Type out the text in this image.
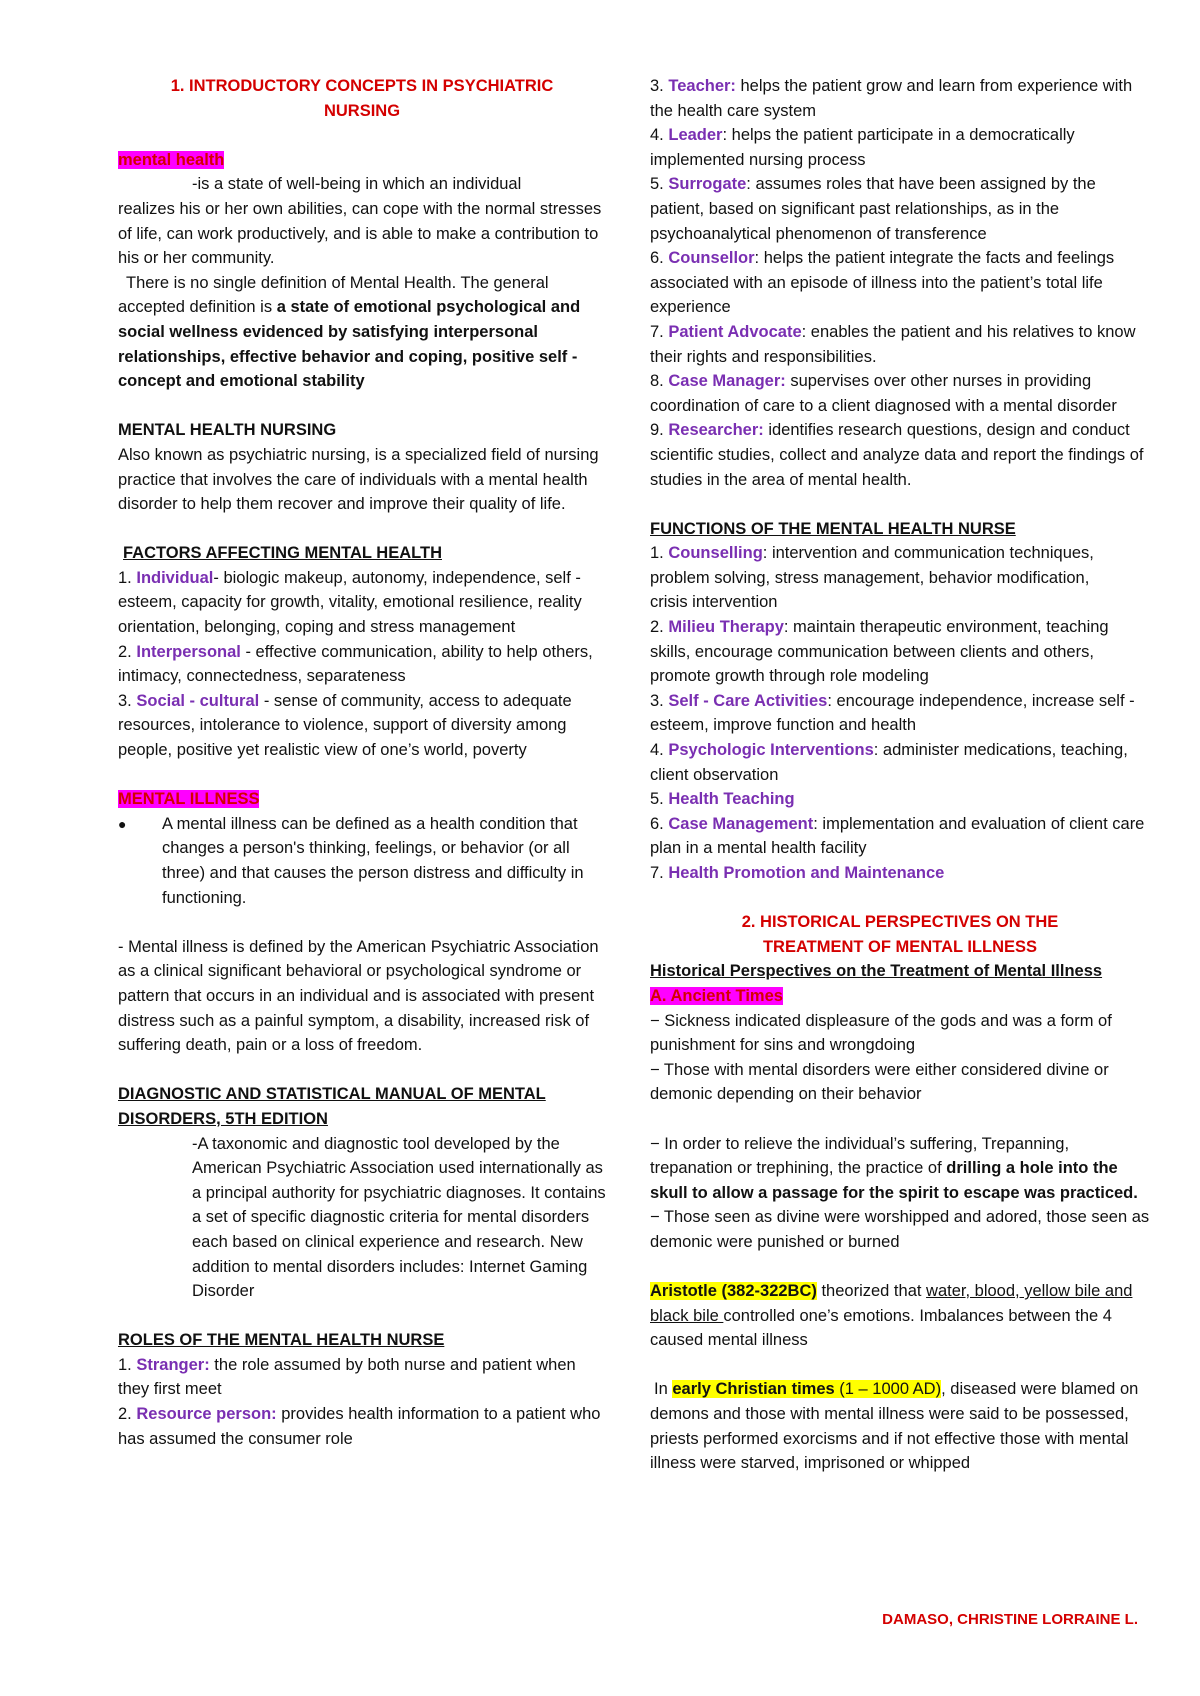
1. INTRODUCTORY CONCEPTS IN PSYCHIATRIC
NURSING

mental health

-is a state of well-being in which an individual

realizes his or her own abilities, can cope with the normal stresses of life, can work productively, and is able to make a contribution to his or her community.

There is no single definition of Mental Health. The general accepted definition is a state of emotional psychological and social wellness evidenced by satisfying interpersonal relationships, effective behavior and coping, positive self - concept and emotional stability

MENTAL HEALTH NURSING

Also known as psychiatric nursing, is a specialized field of nursing practice that involves the care of individuals with a mental health disorder to help them recover and improve their quality of life.

FACTORS AFFECTING MENTAL HEALTH

1. Individual- biologic makeup, autonomy, independence, self - esteem, capacity for growth, vitality, emotional resilience, reality orientation, belonging, coping and stress management

2. Interpersonal - effective communication, ability to help others, intimacy, connectedness, separateness

3. Social - cultural - sense of community, access to adequate resources, intolerance to violence, support of diversity among people, positive yet realistic view of one’s world, poverty

MENTAL ILLNESS

●	A mental illness can be defined as a health condition that changes a person's thinking, feelings, or behavior (or all three) and that causes the person distress and difficulty in functioning.

- Mental illness is defined by the American Psychiatric Association as a clinical significant behavioral or psychological syndrome or pattern that occurs in an individual and is associated with present distress such as a painful symptom, a disability, increased risk of suffering death, pain or a loss of freedom.

DIAGNOSTIC AND STATISTICAL MANUAL OF MENTAL
DISORDERS, 5TH EDITION

-A taxonomic and diagnostic tool developed by the American Psychiatric Association used internationally as a principal authority for psychiatric diagnoses. It contains a set of specific diagnostic criteria for mental disorders each based on clinical experience and research. New addition to mental disorders includes: Internet Gaming Disorder

ROLES OF THE MENTAL HEALTH NURSE

1. Stranger: the role assumed by both nurse and patient when they first meet

2. Resource person: provides health information to a patient who has assumed the consumer role

3. Teacher: helps the patient grow and learn from experience with the health care system

4. Leader: helps the patient participate in a democratically implemented nursing process

5. Surrogate: assumes roles that have been assigned by the patient, based on significant past relationships, as in the psychoanalytical phenomenon of transference

6. Counsellor: helps the patient integrate the facts and feelings associated with an episode of illness into the patient’s total life experience

7. Patient Advocate: enables the patient and his relatives to know their rights and responsibilities.

8. Case Manager: supervises over other nurses in providing coordination of care to a client diagnosed with a mental disorder

9. Researcher: identifies research questions, design and conduct scientific studies, collect and analyze data and report the findings of studies in the area of mental health.

FUNCTIONS OF THE MENTAL HEALTH NURSE

1. Counselling: intervention and communication techniques, problem solving, stress management, behavior modification,

crisis intervention

2. Milieu Therapy: maintain therapeutic environment, teaching skills, encourage communication between clients and others, promote growth through role modeling

3. Self - Care Activities: encourage independence, increase self - esteem, improve function and health

4. Psychologic Interventions: administer medications, teaching, client observation

5. Health Teaching

6. Case Management: implementation and evaluation of client care plan in a mental health facility

7. Health Promotion and Maintenance

2. HISTORICAL PERSPECTIVES ON THE
TREATMENT OF MENTAL ILLNESS

Historical Perspectives on the Treatment of Mental Illness

A. Ancient Times

− Sickness indicated displeasure of the gods and was a form of punishment for sins and wrongdoing

− Those with mental disorders were either considered divine or demonic depending on their behavior

− In order to relieve the individual’s suffering, Trepanning, trepanation or trephining, the practice of drilling a hole into the skull to allow a passage for the spirit to escape was practiced.

− Those seen as divine were worshipped and adored, those seen as demonic were punished or burned

Aristotle (382-322BC) theorized that water, blood, yellow bile and black bile controlled one’s emotions. Imbalances between the 4 caused mental illness

In early Christian times (1 – 1000 AD), diseased were blamed on demons and those with mental illness were said to be possessed, priests performed exorcisms and if not effective those with mental illness were starved, imprisoned or whipped

DAMASO, CHRISTINE LORRAINE L.
